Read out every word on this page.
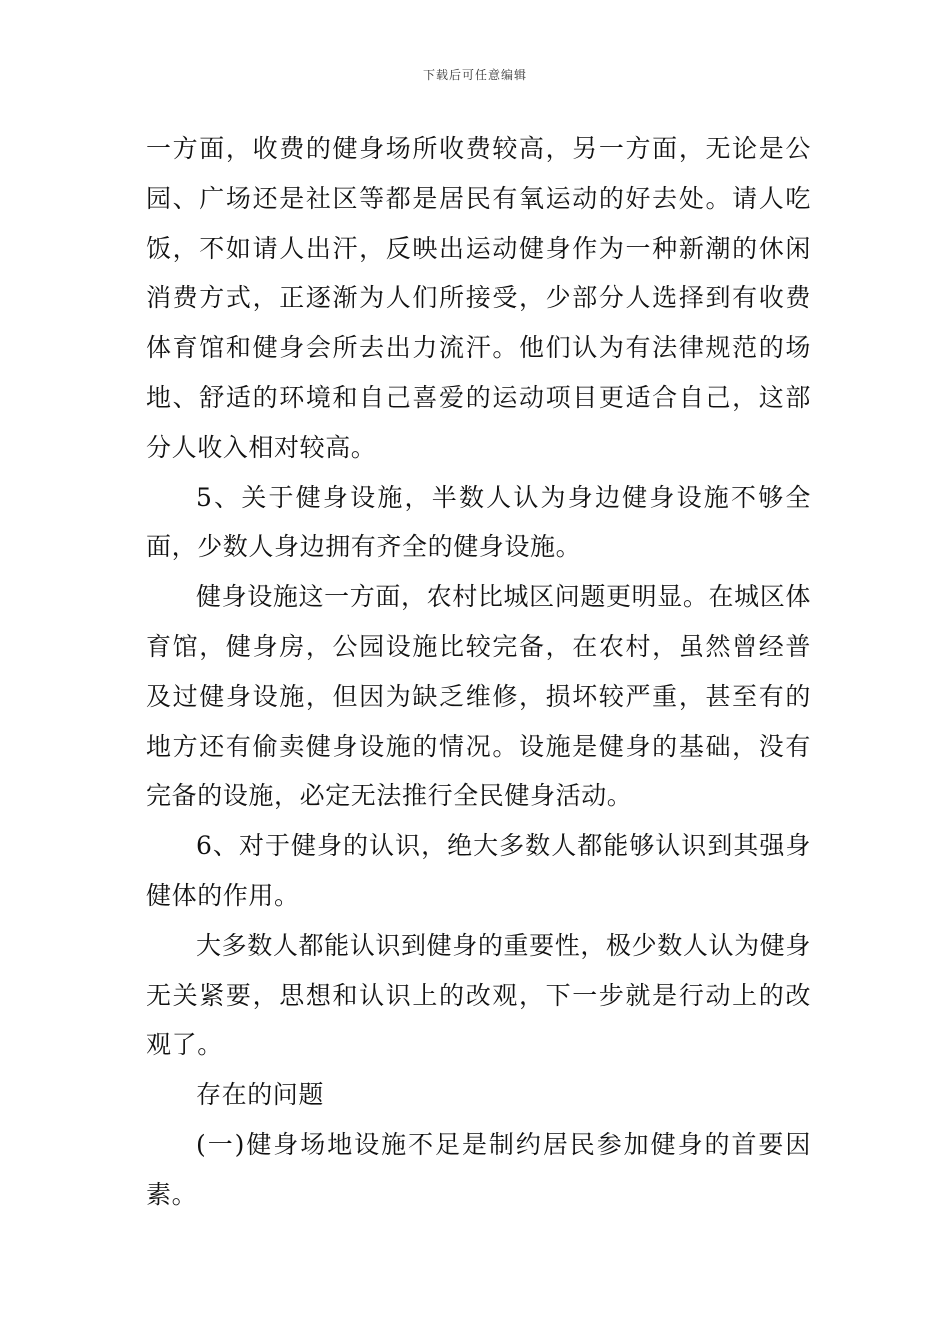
下载后可任意编辑

一方面，收费的健身场所收费较高，另一方面，无论是公园、广场还是社区等都是居民有氧运动的好去处。请人吃饭，不如请人出汗，反映出运动健身作为一种新潮的休闲消费方式，正逐渐为人们所接受，少部分人选择到有收费体育馆和健身会所去出力流汗。他们认为有法律规范的场地、舒适的环境和自己喜爱的运动项目更适合自己，这部分人收入相对较高。

5、关于健身设施，半数人认为身边健身设施不够全面，少数人身边拥有齐全的健身设施。

健身设施这一方面，农村比城区问题更明显。在城区体育馆，健身房，公园设施比较完备，在农村，虽然曾经普及过健身设施，但因为缺乏维修，损坏较严重，甚至有的地方还有偷卖健身设施的情况。设施是健身的基础，没有完备的设施，必定无法推行全民健身活动。

6、对于健身的认识，绝大多数人都能够认识到其强身健体的作用。

大多数人都能认识到健身的重要性，极少数人认为健身无关紧要，思想和认识上的改观，下一步就是行动上的改观了。

存在的问题

(一)健身场地设施不足是制约居民参加健身的首要因素。
